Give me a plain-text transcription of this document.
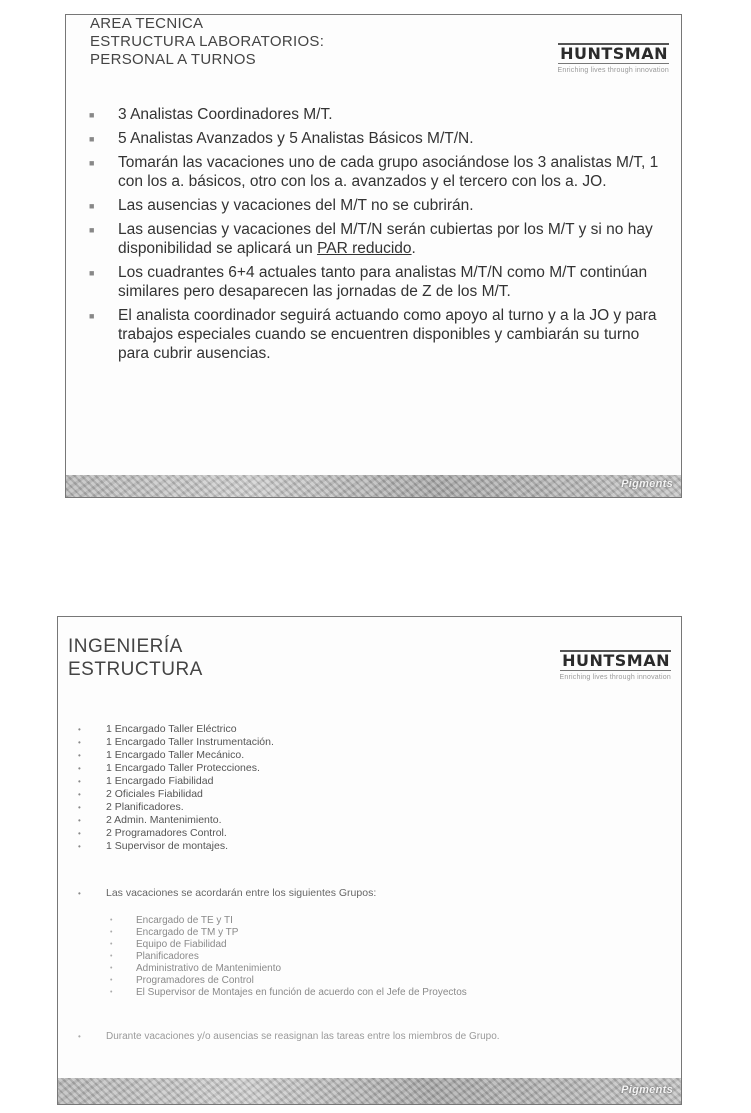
AREA TECNICA
ESTRUCTURA LABORATORIOS:
PERSONAL A TURNOS	HUNTSMAN
Enriching lives through innovation
■ 3 Analistas Coordinadores M/T.
■ 5 Analistas Avanzados y 5 Analistas Básicos M/T/N.
■ Tomarán las vacaciones uno de cada grupo asociándose los 3 analistas M/T, 1 con los a. básicos, otro con los a. avanzados y el tercero con los a. JO.
■ Las ausencias y vacaciones del M/T no se cubrirán.
■ Las ausencias y vacaciones del M/T/N serán cubiertas por los M/T y si no hay disponibilidad se aplicará un PAR reducido.
■ Los cuadrantes 6+4 actuales tanto para analistas M/T/N como M/T continúan similares pero desaparecen las jornadas de Z de los M/T.
■ El analista coordinador seguirá actuando como apoyo al turno y a la JO y para trabajos especiales cuando se encuentren disponibles y cambiarán su turno para cubrir ausencias.
Pigments
INGENIERÍA
ESTRUCTURA	HUNTSMAN
Enriching lives through innovation
• 1 Encargado Taller Eléctrico
• 1 Encargado Taller Instrumentación.
• 1 Encargado Taller Mecánico.
• 1 Encargado Taller Protecciones.
• 1 Encargado Fiabilidad
• 2 Oficiales Fiabilidad
• 2 Planificadores.
• 2 Admin. Mantenimiento.
• 2 Programadores Control.
• 1 Supervisor de montajes.
• Las vacaciones se acordarán entre los siguientes Grupos:
• Encargado de TE y TI
• Encargado de TM y TP
• Equipo de Fiabilidad
• Planificadores
• Administrativo de Mantenimiento
• Programadores de Control
• El Supervisor de Montajes en función de acuerdo con el Jefe de Proyectos
•	Durante vacaciones y/o ausencias se reasignan las tareas entre los miembros de Grupo.
Pigments
